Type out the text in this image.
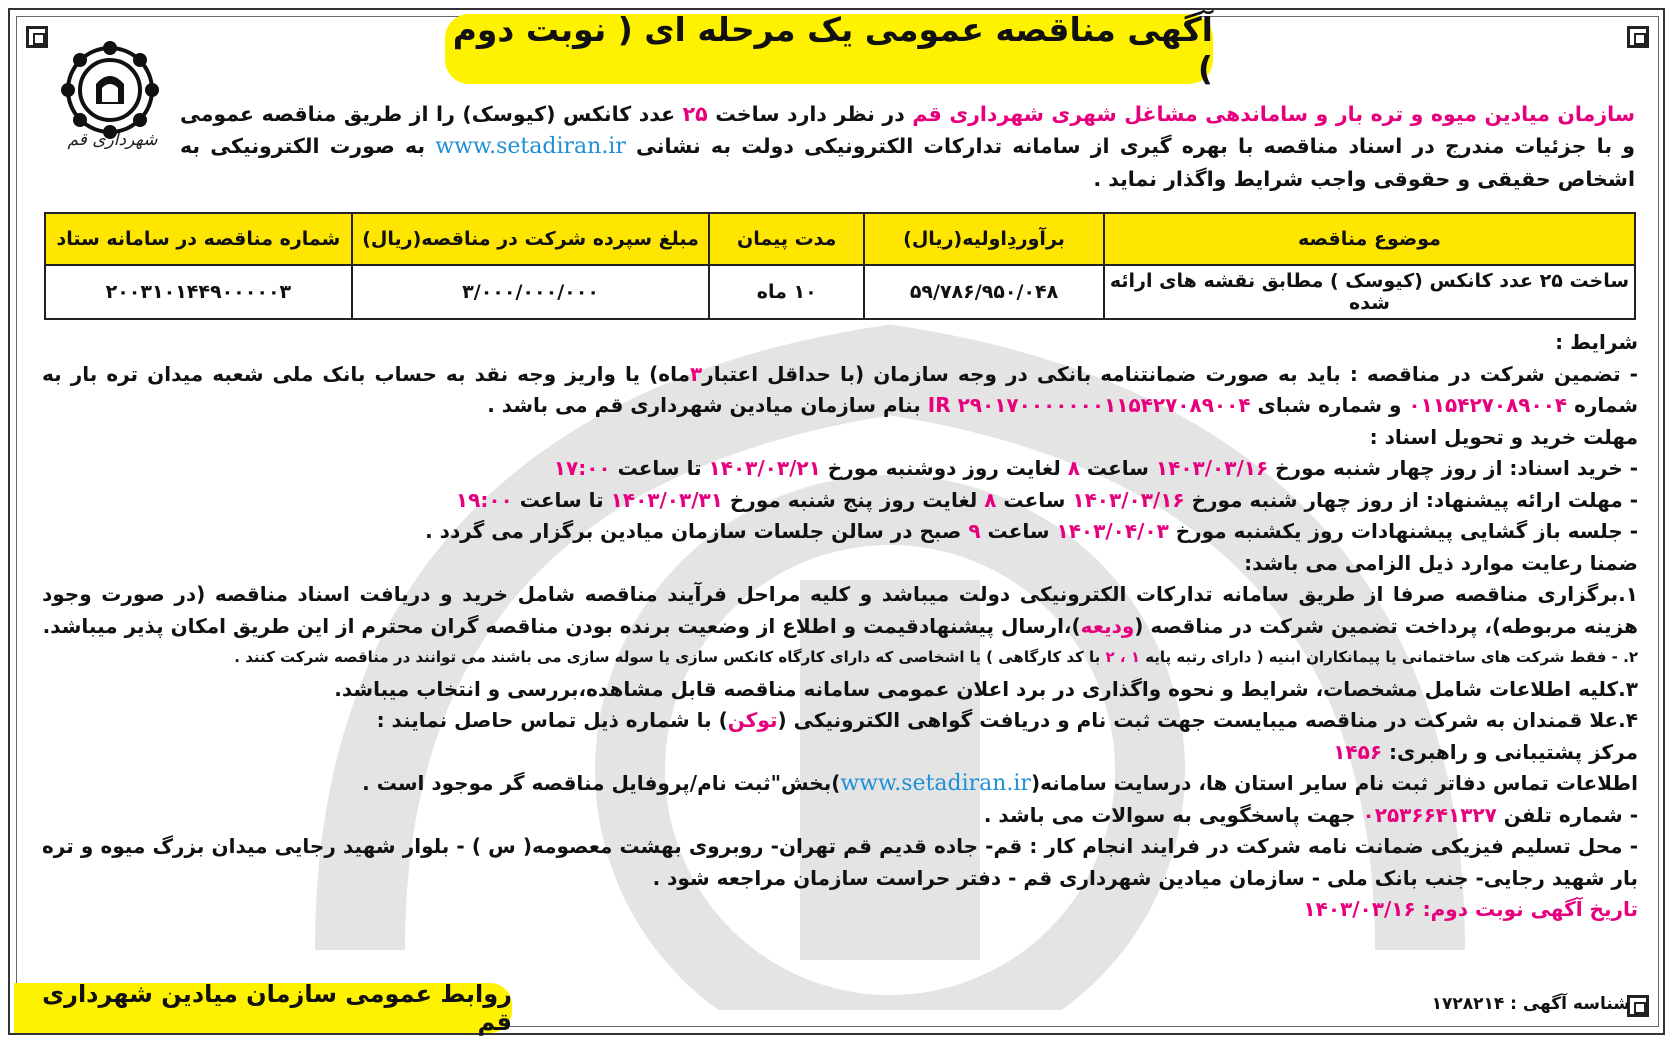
آگهی مناقصه عمومی یک مرحله ای ( نوبت دوم )
شهرداری قم
سازمان میادین میوه و تره بار و ساماندهی مشاغل شهری شهرداری قم در نظر دارد ساخت ۲۵ عدد کانکس (کیوسک) را از طریق مناقصه عمومی و با جزئیات مندرج در اسناد مناقصه با بهره گیری از سامانه تدارکات الکترونیکی دولت به نشانی www.setadiran.ir به صورت الکترونیکی به اشخاص حقیقی و حقوقی واجب شرایط واگذار نماید .
موضوع مناقصه	برآوردِاولیه(ریال)	مدت پیمان	مبلغ سپرده شرکت در مناقصه(ریال)	شماره مناقصه در سامانه ستاد
ساخت ۲۵ عدد کانکس (کیوسک ) مطابق نقشه های ارائه شده	۵۹/۷۸۶/۹۵۰/۰۴۸	۱۰ ماه	۳/۰۰۰/۰۰۰/۰۰۰	۲۰۰۳۱۰۱۴۴۹۰۰۰۰۰۳

شرایط :

- تضمین شرکت در مناقصه : باید به صورت ضمانتنامه بانکی در وجه سازمان (با حداقل اعتبار۳ماه) یا واریز وجه نقد به حساب بانک ملی شعبه میدان تره بار به شماره ۰۱۱۵۴۲۷۰۸۹۰۰۴ و شماره شبای IR ۲۹۰۱۷۰۰۰۰۰۰۰۱۱۵۴۲۷۰۸۹۰۰۴ بنام سازمان میادین شهرداری قم می باشد .

مهلت خرید و تحویل اسناد :

- خرید اسناد: از روز چهار شنبه مورخ ۱۴۰۳/۰۳/۱۶ ساعت ۸ لغایت روز دوشنبه مورخ ۱۴۰۳/۰۳/۲۱ تا ساعت ۱۷:۰۰

- مهلت ارائه پیشنهاد: از روز چهار شنبه مورخ ۱۴۰۳/۰۳/۱۶ ساعت ۸ لغایت روز پنج شنبه مورخ ۱۴۰۳/۰۳/۳۱ تا ساعت ۱۹:۰۰

- جلسه باز گشایی پیشنهادات روز یکشنبه مورخ ۱۴۰۳/۰۴/۰۳ ساعت ۹ صبح در سالن جلسات سازمان میادین برگزار می گردد .

ضمنا رعایت موارد ذیل الزامی می باشد:

۱.برگزاری مناقصه صرفا از طریق سامانه تدارکات الکترونیکی دولت میباشد و کلیه مراحل فرآیند مناقصه شامل خرید و دریافت اسناد مناقصه (در صورت وجود هزینه مربوطه)، پرداخت تضمین شرکت در مناقصه (ودیعه)،ارسال پیشنهادقیمت و اطلاع از وضعیت برنده بودن مناقصه گران محترم از این طریق امکان پذیر میباشد.

۲. - فقط شرکت های ساختمانی یا پیمانکاران ابنیه ( دارای رتبه پایه ۱ ، ۲ با کد کارگاهی ) یا اشخاصی که دارای کارگاه کانکس سازی یا سوله سازی می باشند می توانند در مناقصه شرکت کنند .

۳.کلیه اطلاعات شامل مشخصات، شرایط و نحوه واگذاری در برد اعلان عمومی سامانه مناقصه قابل مشاهده،بررسی و انتخاب میباشد.

۴.علا قمندان به شرکت در مناقصه میبایست جهت ثبت نام و دریافت گواهی الکترونیکی (توکن) با شماره ذیل تماس حاصل نمایند :

مرکز پشتیبانی و راهبری: ۱۴۵۶

اطلاعات تماس دفاتر ثبت نام سایر استان ها، درسایت سامانه(www.setadiran.ir)بخش"ثبت نام/پروفایل مناقصه گر موجود است .

- شماره تلفن ۰۲۵۳۶۶۴۱۳۲۷ جهت پاسخگویی به سوالات می باشد .

- محل تسلیم فیزیکی ضمانت نامه شرکت در فرایند انجام کار : قم- جاده قدیم قم تهران- روبروی بهشت معصومه( س ) - بلوار شهید رجایی میدان بزرگ میوه و تره بار شهید رجایی- جنب بانک ملی - سازمان میادین شهرداری قم - دفتر حراست سازمان مراجعه شود .

تاریخ آگهی نوبت دوم: ۱۴۰۳/۰۳/۱۶

روابط عمومی سازمان میادین شهرداری قم
شناسه آگهی : ۱۷۲۸۲۱۴
